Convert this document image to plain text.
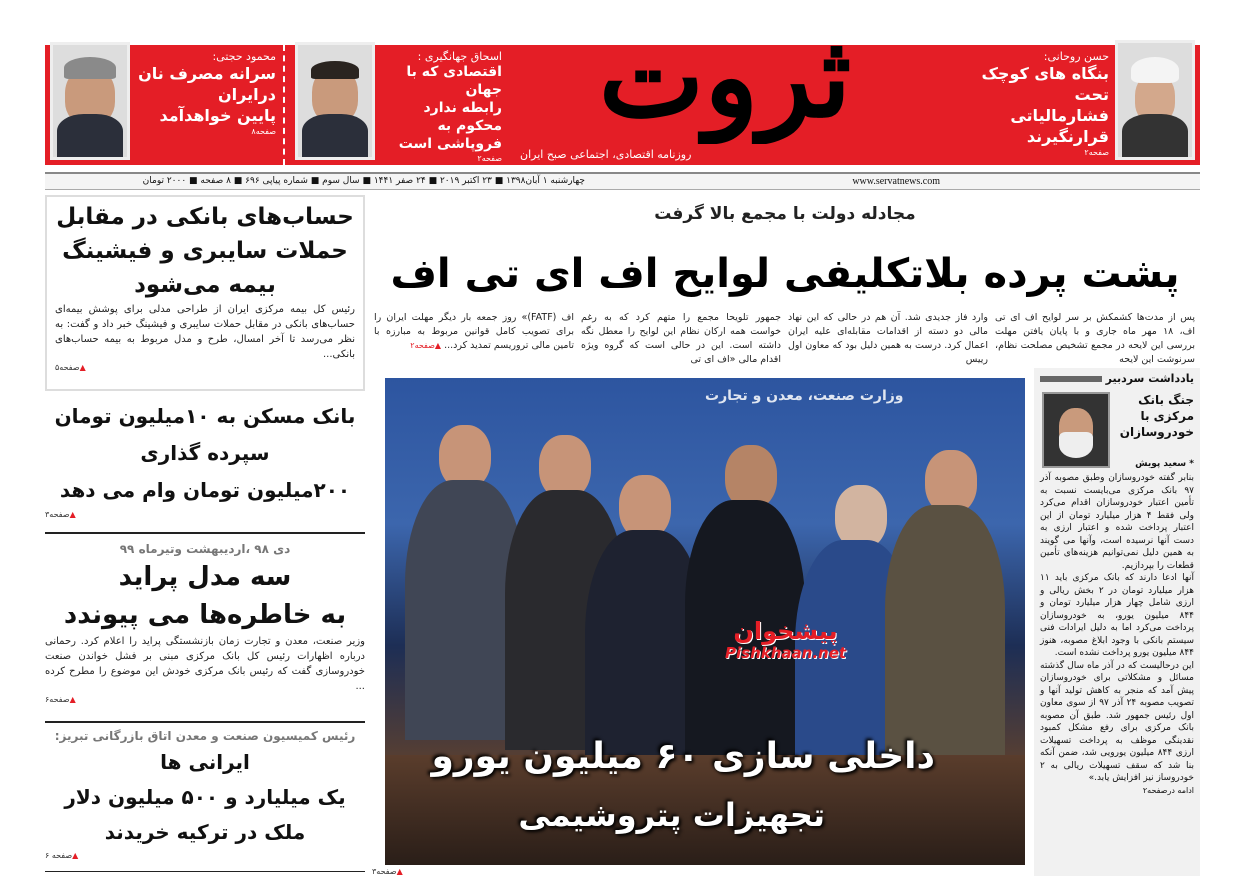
حسن روحانی:
بنگاه های کوچک
تحت فشارمالیاتی
قرارنگیرند
صفحه۲
ثروت
روزنامه اقتصادی، اجتماعی صبح ایران
اسحاق جهانگیری :
اقتصادی که با جهان
رابطه ندارد
محکوم به فروپاشی است
صفحه۲
محمود حجتی:
سرانه مصرف نان
درایران
پایین خواهدآمد
صفحه۸
چهارشنبه ۱ آبان۱۳۹۸ ■ ۲۳ اکتبر ۲۰۱۹ ■ ۲۴ صفر ۱۴۴۱ ■ سال سوم ■ شماره پیاپی ۶۹۶ ■ ۸ صفحه ■ ۲۰۰۰ تومان	www.servatnews.com
حساب‌های بانکی در مقابل
حملات سایبری و فیشینگ
بیمه می‌شود
رئیس کل بیمه مرکزی ایران از طراحی مدلی برای پوشش بیمه‌ای حساب‌های بانکی در مقابل حملات سایبری و فیشینگ خبر داد و گفت: به نظر می‌رسد تا آخر امسال، طرح و مدل مربوط به بیمه حساب‌های بانکی...
▲ صفحه۵
بانک مسکن به ۱۰میلیون تومان
سپرده گذاری
۲۰۰میلیون تومان وام می دهد
▲ صفحه۳
دی ۹۸ ،اردیبهشت وتیرماه ۹۹
سه مدل پراید
به خاطره‌ها می پیوندد
وزیر صنعت، معدن و تجارت زمان بازنشستگی پراید را اعلام کرد. رحمانی درباره اظهارات رئیس کل بانک مرکزی مبنی بر فشل خواندن صنعت خودروسازی گفت که رئیس بانک مرکزی خودش این موضوع را مطرح کرده ...
▲ صفحه۶
رئیس کمیسیون صنعت و معدن اتاق بازرگانی تبریز:
ایرانی ها
یک میلیارد و ۵۰۰ میلیون دلار
ملک در ترکیه خریدند
▲ صفحه ۶
مجادله دولت با مجمع بالا گرفت
پشت پرده بلاتکلیفی لوایح اف ای تی اف
پس از مدت‌ها کشمکش بر سر لوایح اف ای تی اف، ۱۸ مهر ماه جاری و با پایان یافتن مهلت بررسی این لایحه در مجمع تشخیص مصلحت نظام، سرنوشت این لایحه
وارد فاز جدیدی شد. آن هم در حالی که این نهاد مالی دو دسته از اقدامات مقابله‌ای علیه ایران اعمال کرد. درست به همین دلیل بود که معاون اول رییس
جمهور تلویحا مجمع را متهم کرد که به رغم خواست همه ارکان نظام این لوایح را معطل نگه داشته است. این در حالی است که گروه ویژه اقدام مالی «اف ای تی
اف (FATF)» روز جمعه بار دیگر مهلت ایران را برای تصویب کامل قوانین مربوط به مبارزه با تامین مالی تروریسم تمدید کرد... ▲ صفحه۲
وزارت صنعت، معدن و تجارت
پیشخوان
Pishkhaan.net
داخلی سازی ۶۰ میلیون یورو
تجهیزات پتروشیمی
▲ صفحه۳
یادداشت سردبیر
جنگ بانک مرکزی با خودروسازان
* سعید پویش
بنابر گفته خودروسازان وطبق مصوبه آذر ۹۷ بانک مرکزی می‌بایست نسبت به تأمین اعتبار خودروسازان اقدام می‌کرد ولی فقط ۴ هزار میلیارد تومان از این اعتبار پرداخت شده و اعتبار ارزی به دست آنها نرسیده است، وآنها می گویند به همین دلیل نمی‌توانیم هزینه‌های تأمین قطعات را بپردازیم.
آنها ادعا دارند که بانک مرکزی باید ۱۱ هزار میلیارد تومان در ۲ بخش ریالی و ارزی شامل چهار هزار میلیارد تومان و ۸۴۴ میلیون یورو، به خودروسازان پرداخت می‌کرد اما به دلیل ایرادات فنی سیستم بانکی با وجود ابلاغ مصوبه، هنوز ۸۴۴ میلیون یورو پرداخت نشده است.
این درحالیست که در آذر ماه سال گذشته مسائل و مشکلاتی برای خودروسازان پیش آمد که منجر به کاهش تولید آنها و تصویب مصوبه ۲۴ آذر ۹۷ از سوی معاون اول رئیس جمهور شد. طبق آن مصوبه بانک مرکزی برای رفع مشکل کمبود نقدینگی موظف به پرداخت تسهیلات ارزی ۸۴۴ میلیون یورویی شد، ضمن آنکه بنا شد که سقف تسهیلات ریالی به ۲ خودروساز نیز افزایش یابد.»
ادامه درصفحه۲
